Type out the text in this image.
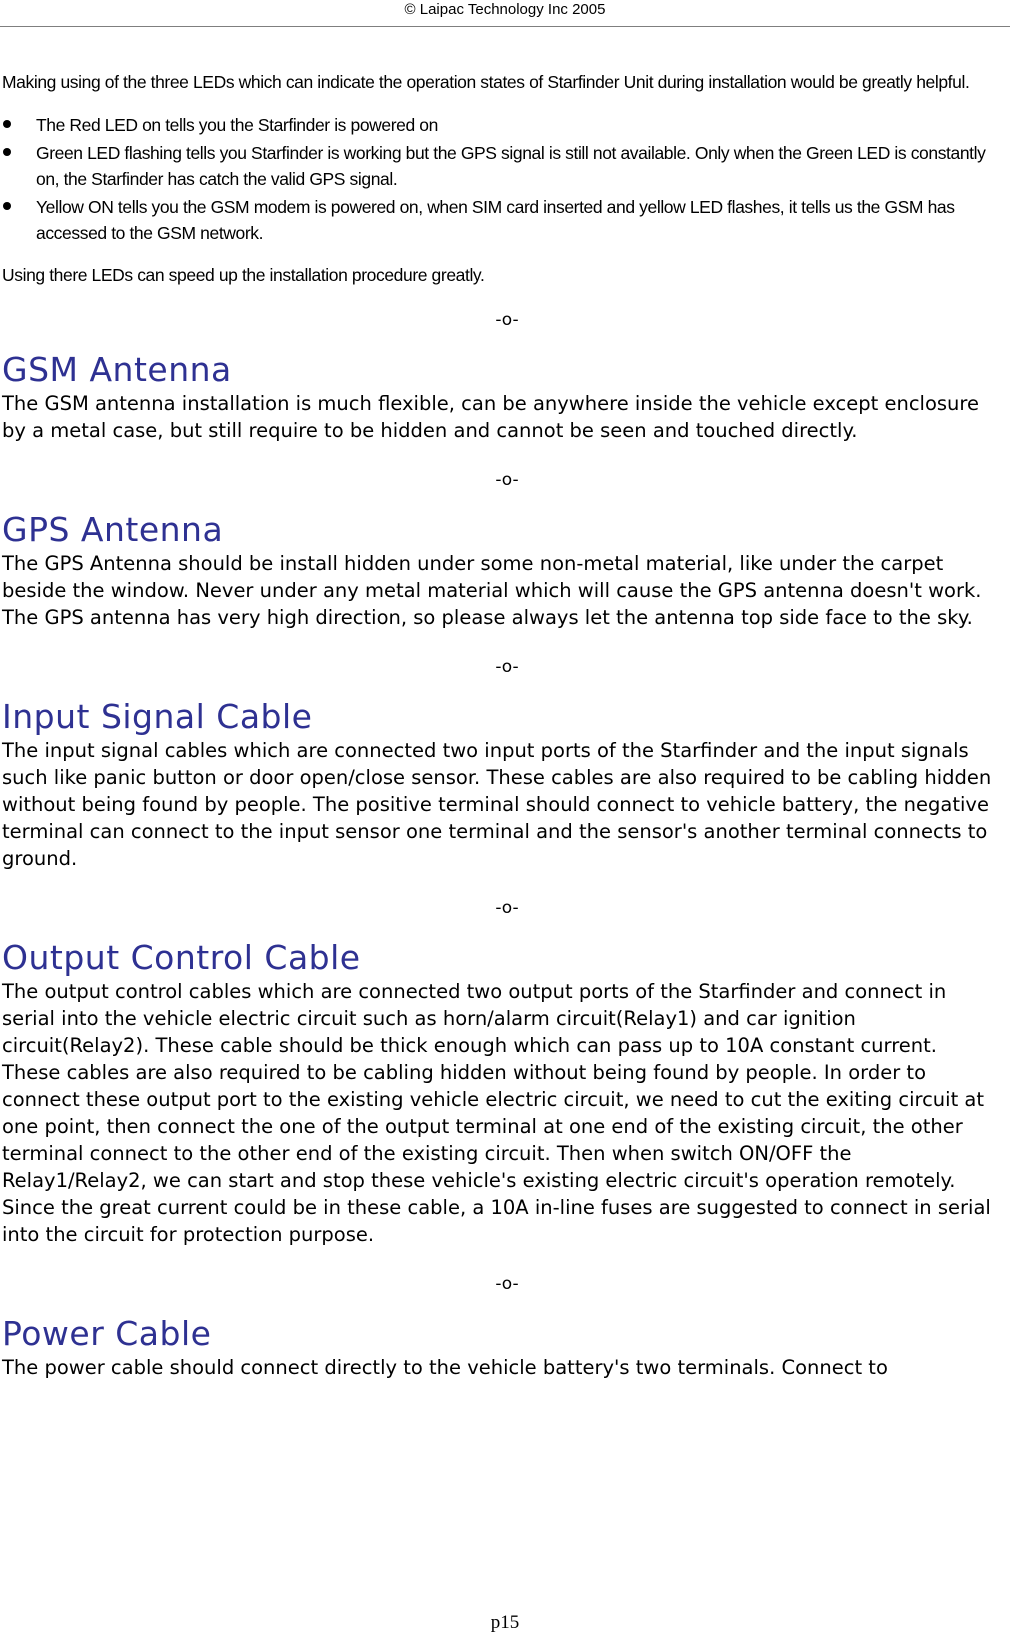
© Laipac Technology Inc 2005

Making using of the three LEDs which can indicate the operation states of Starfinder Unit during installation would be greatly helpful.

The Red LED on tells you the Starfinder is powered on
Green LED flashing tells you Starfinder is working but the GPS signal is still not available. Only when the Green LED is constantly on, the Starfinder has catch the valid GPS signal.
Yellow ON tells you the GSM modem is powered on, when SIM card inserted and yellow LED flashes, it tells us the GSM has accessed to the GSM network.

Using there LEDs can speed up the installation procedure greatly.

-o-
GSM Antenna

The GSM antenna installation is much flexible, can be anywhere inside the vehicle except enclosure by a metal case, but still require to be hidden and cannot be seen and touched directly.

-o-
GPS Antenna

The GPS Antenna should be install hidden under some non-metal material, like under the carpet beside the window. Never under any metal material which will cause the GPS antenna doesn't work. The GPS antenna has very high direction, so please always let the antenna top side face to the sky.

-o-
Input Signal Cable

The input signal cables which are connected two input ports of the Starfinder and the input signals such like panic button or door open/close sensor. These cables are also required to be cabling hidden without being found by people. The positive terminal should connect to vehicle battery, the negative terminal can connect to the input sensor one terminal and the sensor's another terminal connects to ground.

-o-
Output Control Cable

The output control cables which are connected two output ports of the Starfinder and connect in serial into the vehicle electric circuit such as horn/alarm circuit(Relay1) and car ignition circuit(Relay2). These cable should be thick enough which can pass up to 10A constant current. These cables are also required to be cabling hidden without being found by people. In order to connect these output port to the existing vehicle electric circuit, we need to cut the exiting circuit at one point, then connect the one of the output terminal at one end of the existing circuit, the other terminal connect to the other end of the existing circuit. Then when switch ON/OFF the Relay1/Relay2, we can start and stop these vehicle's existing electric circuit's operation remotely. Since the great current could be in these cable, a 10A in-line fuses are suggested to connect in serial into the circuit for protection purpose.

-o-
Power Cable

The power cable should connect directly to the vehicle battery's two terminals. Connect to

p15
